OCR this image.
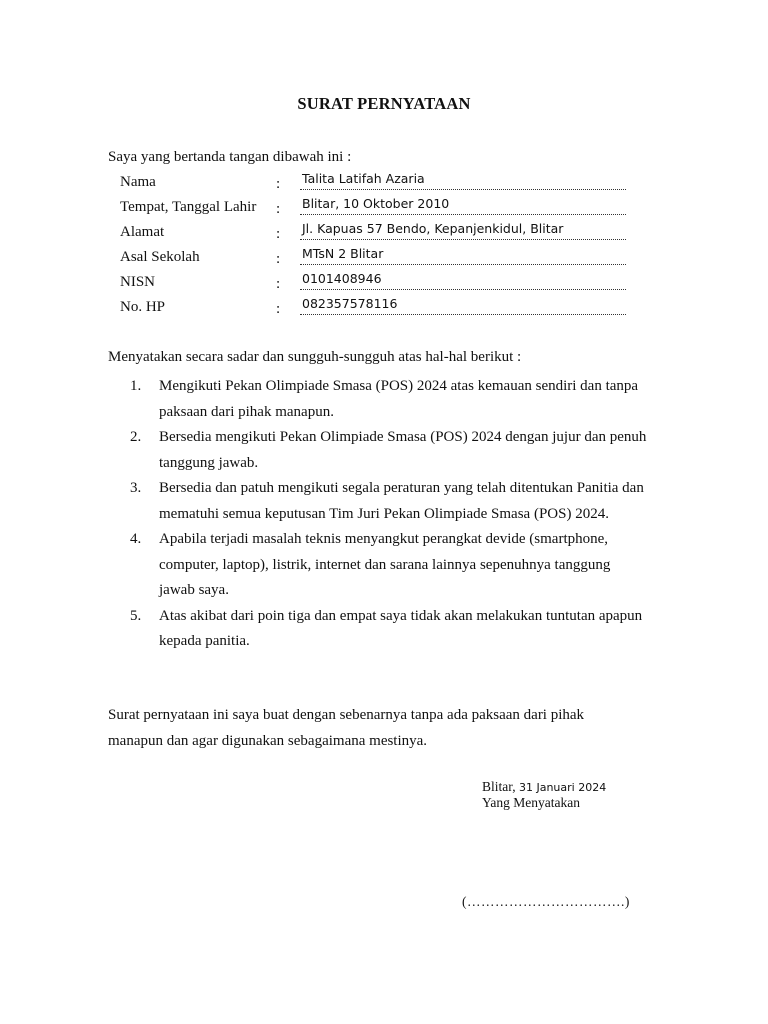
SURAT PERNYATAAN
Saya yang bertanda tangan dibawah ini :
Nama	: Talita Latifah Azaria
Tempat, Tanggal Lahir : Blitar, 10 Oktober 2010
Alamat	: Jl. Kapuas 57 Bendo, Kepanjenkidul, Blitar
Asal Sekolah	: MTsN 2 Blitar
NISN	: 0101408946
No. HP	: 082357578116
Menyatakan secara sadar dan sungguh-sungguh atas hal-hal berikut :
1. Mengikuti Pekan Olimpiade Smasa (POS) 2024 atas kemauan sendiri dan tanpa paksaan dari pihak manapun.
2. Bersedia mengikuti Pekan Olimpiade Smasa (POS) 2024 dengan jujur dan penuh tanggung jawab.
3. Bersedia dan patuh mengikuti segala peraturan yang telah ditentukan Panitia dan mematuhi semua keputusan Tim Juri Pekan Olimpiade Smasa (POS) 2024.
4. Apabila terjadi masalah teknis menyangkut perangkat devide (smartphone, computer, laptop), listrik, internet dan sarana lainnya sepenuhnya tanggung jawab saya.
5. Atas akibat dari poin tiga dan empat saya tidak akan melakukan tuntutan apapun kepada panitia.
Surat pernyataan ini saya buat dengan sebenarnya tanpa ada paksaan dari pihak manapun dan agar digunakan sebagaimana mestinya.
Blitar, 31 Januari 2024
Yang Menyatakan
(…………………………….)
